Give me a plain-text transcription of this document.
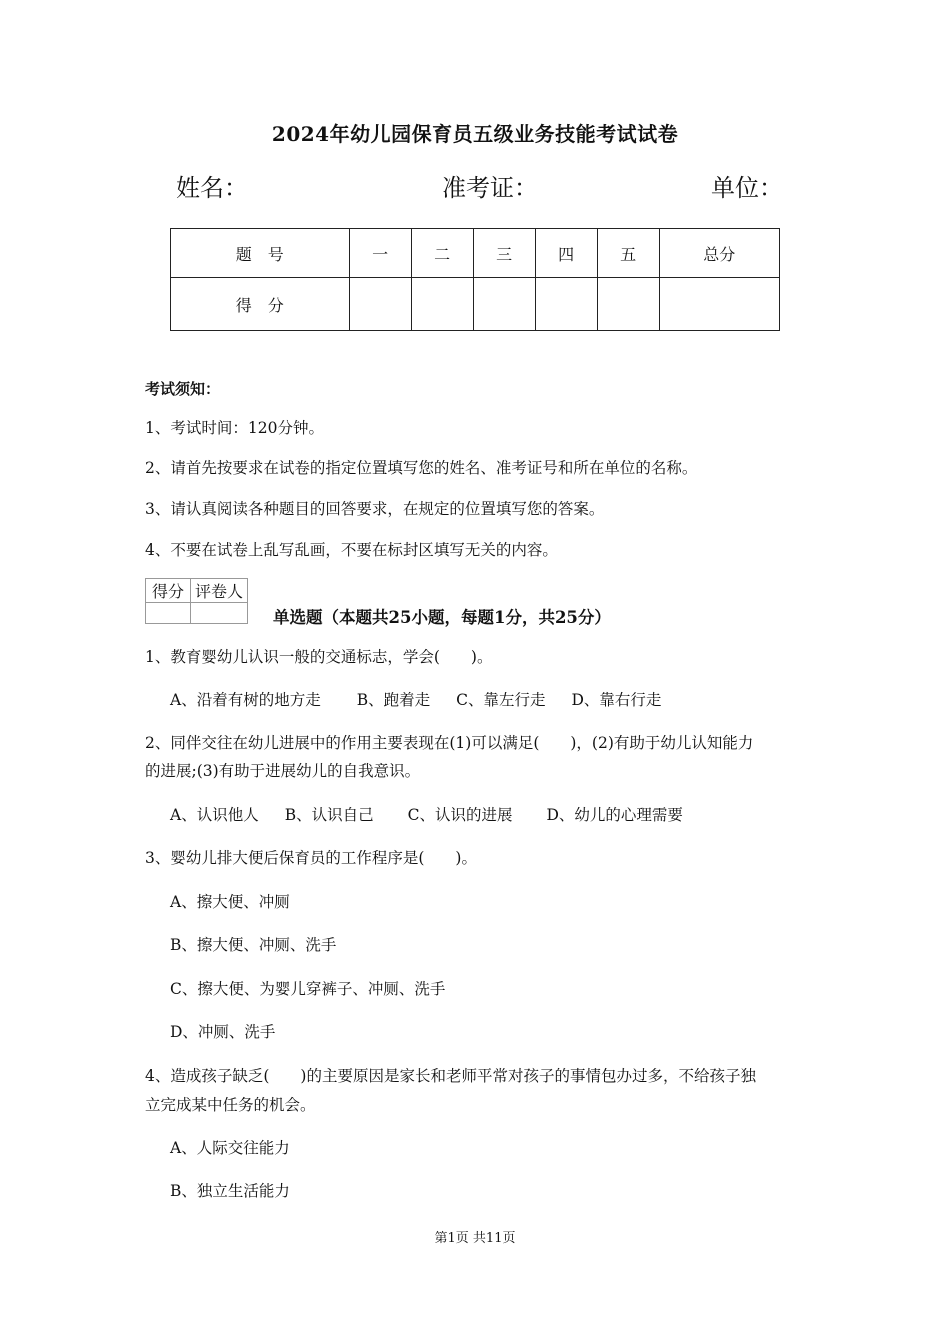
2024年幼儿园保育员五级业务技能考试试卷
姓名：	准考证：	单位：
题　号	一	二	三	四	五	总分
得　分						
考试须知：
1、考试时间：120分钟。
2、请首先按要求在试卷的指定位置填写您的姓名、准考证号和所在单位的名称。
3、请认真阅读各种题目的回答要求，在规定的位置填写您的答案。
4、不要在试卷上乱写乱画，不要在标封区填写无关的内容。
得分	评卷人

单选题（本题共25小题，每题1分，共25分）
1、教育婴幼儿认识一般的交通标志，学会(　　)。
A、沿着有树的地方走 B、跑着走 C、靠左行走 D、靠右行走
2、同伴交往在幼儿进展中的作用主要表现在(1)可以满足(　　)，(2)有助于幼儿认知能力
的进展;(3)有助于进展幼儿的自我意识。
A、认识他人 B、认识自己 C、认识的进展 D、幼儿的心理需要
3、婴幼儿排大便后保育员的工作程序是(　　)。
A、擦大便、冲厕
B、擦大便、冲厕、洗手
C、擦大便、为婴儿穿裤子、冲厕、洗手
D、冲厕、洗手
4、造成孩子缺乏(　　)的主要原因是家长和老师平常对孩子的事情包办过多，不给孩子独
立完成某中任务的机会。
A、人际交往能力
B、独立生活能力
第1页 共11页
